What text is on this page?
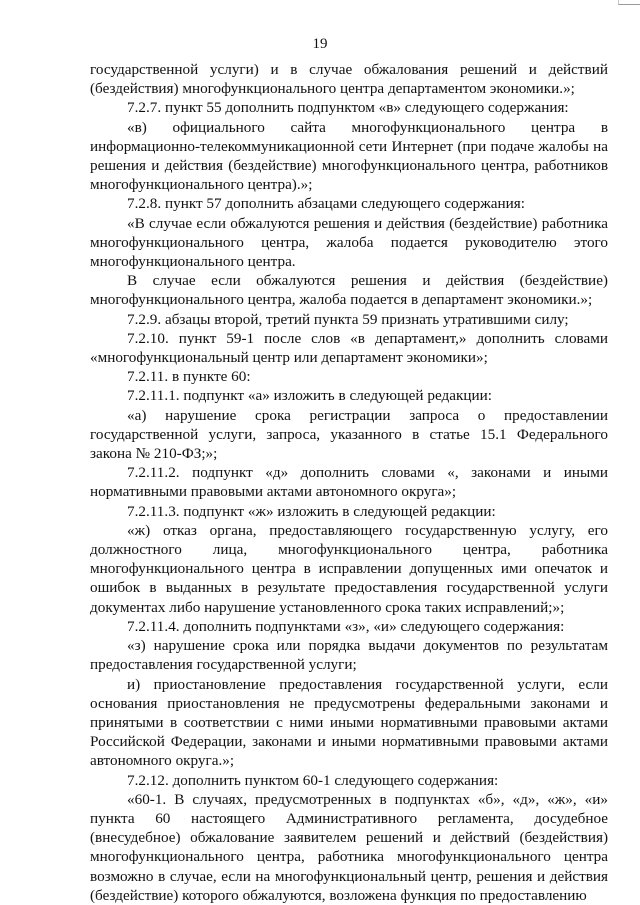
19

государственной услуги) и в случае обжалования решений и действий (бездействия) многофункционального центра департаментом экономики.»;

7.2.7. пункт 55 дополнить подпунктом «в» следующего содержания:

«в) официального сайта многофункционального центра в информационно-телекоммуникационной сети Интернет (при подаче жалобы на решения и действия (бездействие) многофункционального центра, работников многофункционального центра).»;

7.2.8. пункт 57 дополнить абзацами следующего содержания:

«В случае если обжалуются решения и действия (бездействие) работника многофункционального центра, жалоба подается руководителю этого многофункционального центра.

В случае если обжалуются решения и действия (бездействие) многофункционального центра, жалоба подается в департамент экономики.»;

7.2.9. абзацы второй, третий пункта 59 признать утратившими силу;

7.2.10. пункт 59-1 после слов «в департамент,» дополнить словами «многофункциональный центр или департамент экономики»;

7.2.11. в пункте 60:

7.2.11.1. подпункт «а» изложить в следующей редакции:

«а) нарушение срока регистрации запроса о предоставлении государственной услуги, запроса, указанного в статье 15.1 Федерального закона № 210-ФЗ;»;

7.2.11.2. подпункт «д» дополнить словами «, законами и иными нормативными правовыми актами автономного округа»;

7.2.11.3. подпункт «ж» изложить в следующей редакции:

«ж) отказ органа, предоставляющего государственную услугу, его должностного лица, многофункционального центра, работника многофункционального центра в исправлении допущенных ими опечаток и ошибок в выданных в результате предоставления государственной услуги документах либо нарушение установленного срока таких исправлений;»;

7.2.11.4. дополнить подпунктами «з», «и» следующего содержания:

«з) нарушение срока или порядка выдачи документов по результатам предоставления государственной услуги;

и) приостановление предоставления государственной услуги, если основания приостановления не предусмотрены федеральными законами и принятыми в соответствии с ними иными нормативными правовыми актами Российской Федерации, законами и иными нормативными правовыми актами автономного округа.»;

7.2.12. дополнить пунктом 60-1 следующего содержания:

«60-1. В случаях, предусмотренных в подпунктах «б», «д», «ж», «и» пункта 60 настоящего Административного регламента, досудебное (внесудебное) обжалование заявителем решений и действий (бездействия) многофункционального центра, работника многофункционального центра возможно в случае, если на многофункциональный центр, решения и действия (бездействие) которого обжалуются, возложена функция по предоставлению
